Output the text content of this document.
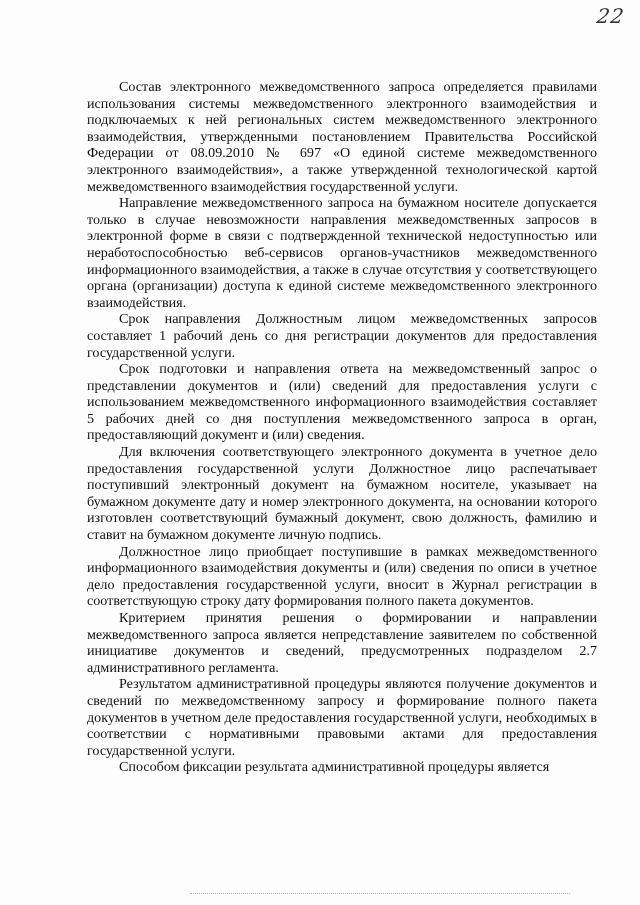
22

Состав электронного межведомственного запроса определяется правилами использования системы межведомственного электронного взаимодействия и подключаемых к ней региональных систем межведомственного электронного взаимодействия, утвержденными постановлением Правительства Российской Федерации от 08.09.2010 № 697 «О единой системе межведомственного электронного взаимодействия», а также утвержденной технологической картой межведомственного взаимодействия государственной услуги.

Направление межведомственного запроса на бумажном носителе допускается только в случае невозможности направления межведомственных запросов в электронной форме в связи с подтвержденной технической недоступностью или неработоспособностью веб-сервисов органов-участников межведомственного информационного взаимодействия, а также в случае отсутствия у соответствующего органа (организации) доступа к единой системе межведомственного электронного взаимодействия.

Срок направления Должностным лицом межведомственных запросов составляет 1 рабочий день со дня регистрации документов для предоставления государственной услуги.

Срок подготовки и направления ответа на межведомственный запрос о представлении документов и (или) сведений для предоставления услуги с использованием межведомственного информационного взаимодействия составляет 5 рабочих дней со дня поступления межведомственного запроса в орган, предоставляющий документ и (или) сведения.

Для включения соответствующего электронного документа в учетное дело предоставления государственной услуги Должностное лицо распечатывает поступивший электронный документ на бумажном носителе, указывает на бумажном документе дату и номер электронного документа, на основании которого изготовлен соответствующий бумажный документ, свою должность, фамилию и ставит на бумажном документе личную подпись.

Должностное лицо приобщает поступившие в рамках межведомственного информационного взаимодействия документы и (или) сведения по описи в учетное дело предоставления государственной услуги, вносит в Журнал регистрации в соответствующую строку дату формирования полного пакета документов.

Критерием принятия решения о формировании и направлении межведомственного запроса является непредставление заявителем по собственной инициативе документов и сведений, предусмотренных подразделом 2.7 административного регламента.

Результатом административной процедуры являются получение документов и сведений по межведомственному запросу и формирование полного пакета документов в учетном деле предоставления государственной услуги, необходимых в соответствии с нормативными правовыми актами для предоставления государственной услуги.

Способом фиксации результата административной процедуры является
